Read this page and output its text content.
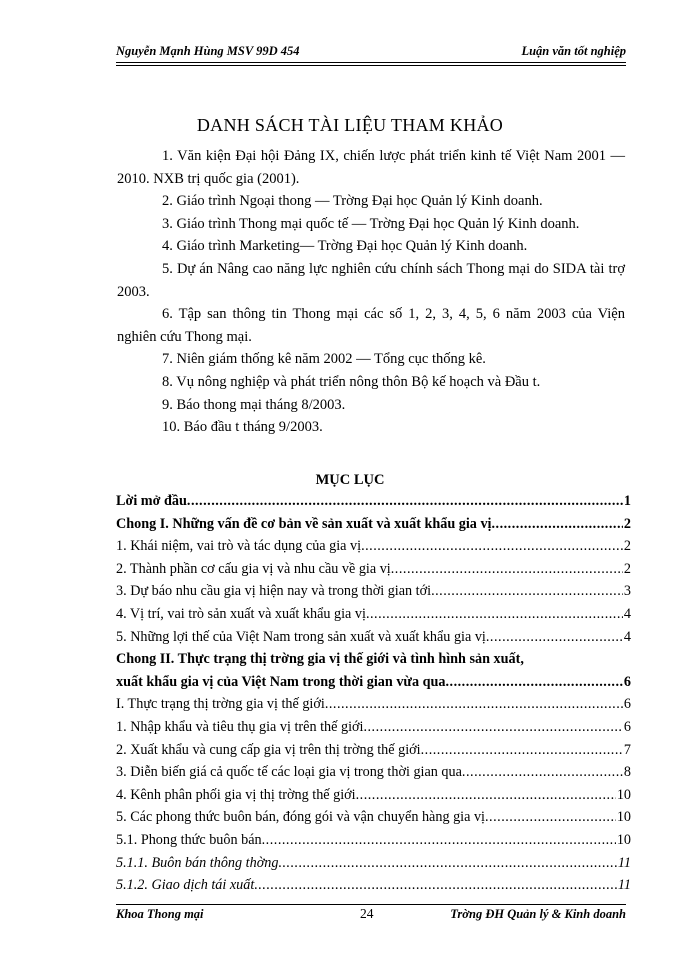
Nguyễn Mạnh Hùng MSV 99D 454	Luận văn tốt nghiệp
DANH SÁCH TÀI LIỆU THAM KHẢO

1. Văn kiện Đại hội Đảng IX, chiến lược phát triển kinh tế Việt Nam 2001 — 2010. NXB trị quốc gia (2001).

2. Giáo trình Ngoại thong — Trờng Đại học Quản lý Kinh doanh.

3. Giáo trình Thong mại quốc tế — Trờng Đại học Quản lý Kinh doanh.

4. Giáo trình Marketing— Trờng Đại học Quản lý Kinh doanh.

5. Dự án Nâng cao năng lực nghiên cứu chính sách Thong mại do SIDA tài trợ 2003.

6. Tập san thông tin Thong mại các số 1, 2, 3, 4, 5, 6 năm 2003 của Viện nghiên cứu Thong mại.

7. Niên giám thống kê năm 2002 — Tổng cục thống kê.

8. Vụ nông nghiệp và phát triển nông thôn Bộ kế hoạch và Đầu t.

9. Báo thong mại tháng 8/2003.

10. Báo đầu t tháng 9/2003.

MỤC LỤC
Lời mở đầu .....	1
Chong I. Những vấn đề cơ bản về sản xuất và xuất khẩu gia vị .....	2
1. Khái niệm, vai trò và tác dụng của gia vị .....	2
2. Thành phần cơ cấu gia vị và nhu cầu về gia vị .....	2
3. Dự báo nhu cầu gia vị hiện nay và trong thời gian tới .....	3
4. Vị trí, vai trò sản xuất và xuất khẩu gia vị .....	4
5. Những lợi thế của Việt Nam trong sản xuất và xuất khẩu gia vị .....	4
Chong II. Thực trạng thị trờng gia vị thế giới và tình hình sản xuất,
xuất khẩu gia vị của Việt Nam trong thời gian vừa qua .....	6
I. Thực trạng thị trờng gia vị thế giới .....	6
1. Nhập khẩu và tiêu thụ gia vị trên thế giới .....	6
2. Xuất khẩu và cung cấp gia vị trên thị trờng thế giới .....	7
3. Diễn biến giá cả quốc tế các loại gia vị trong thời gian qua .....	8
4. Kênh phân phối gia vị thị trờng thế giới .....	10
5. Các phong thức buôn bán, đóng gói và vận chuyển hàng gia vị .....	10
5.1. Phong thức buôn bán .....	10
5.1.1. Buôn bán thông thờng .....	11
5.1.2. Giao dịch tái xuất .....	11
Khoa Thong mại	24	Trờng ĐH Quản lý & Kinh doanh
